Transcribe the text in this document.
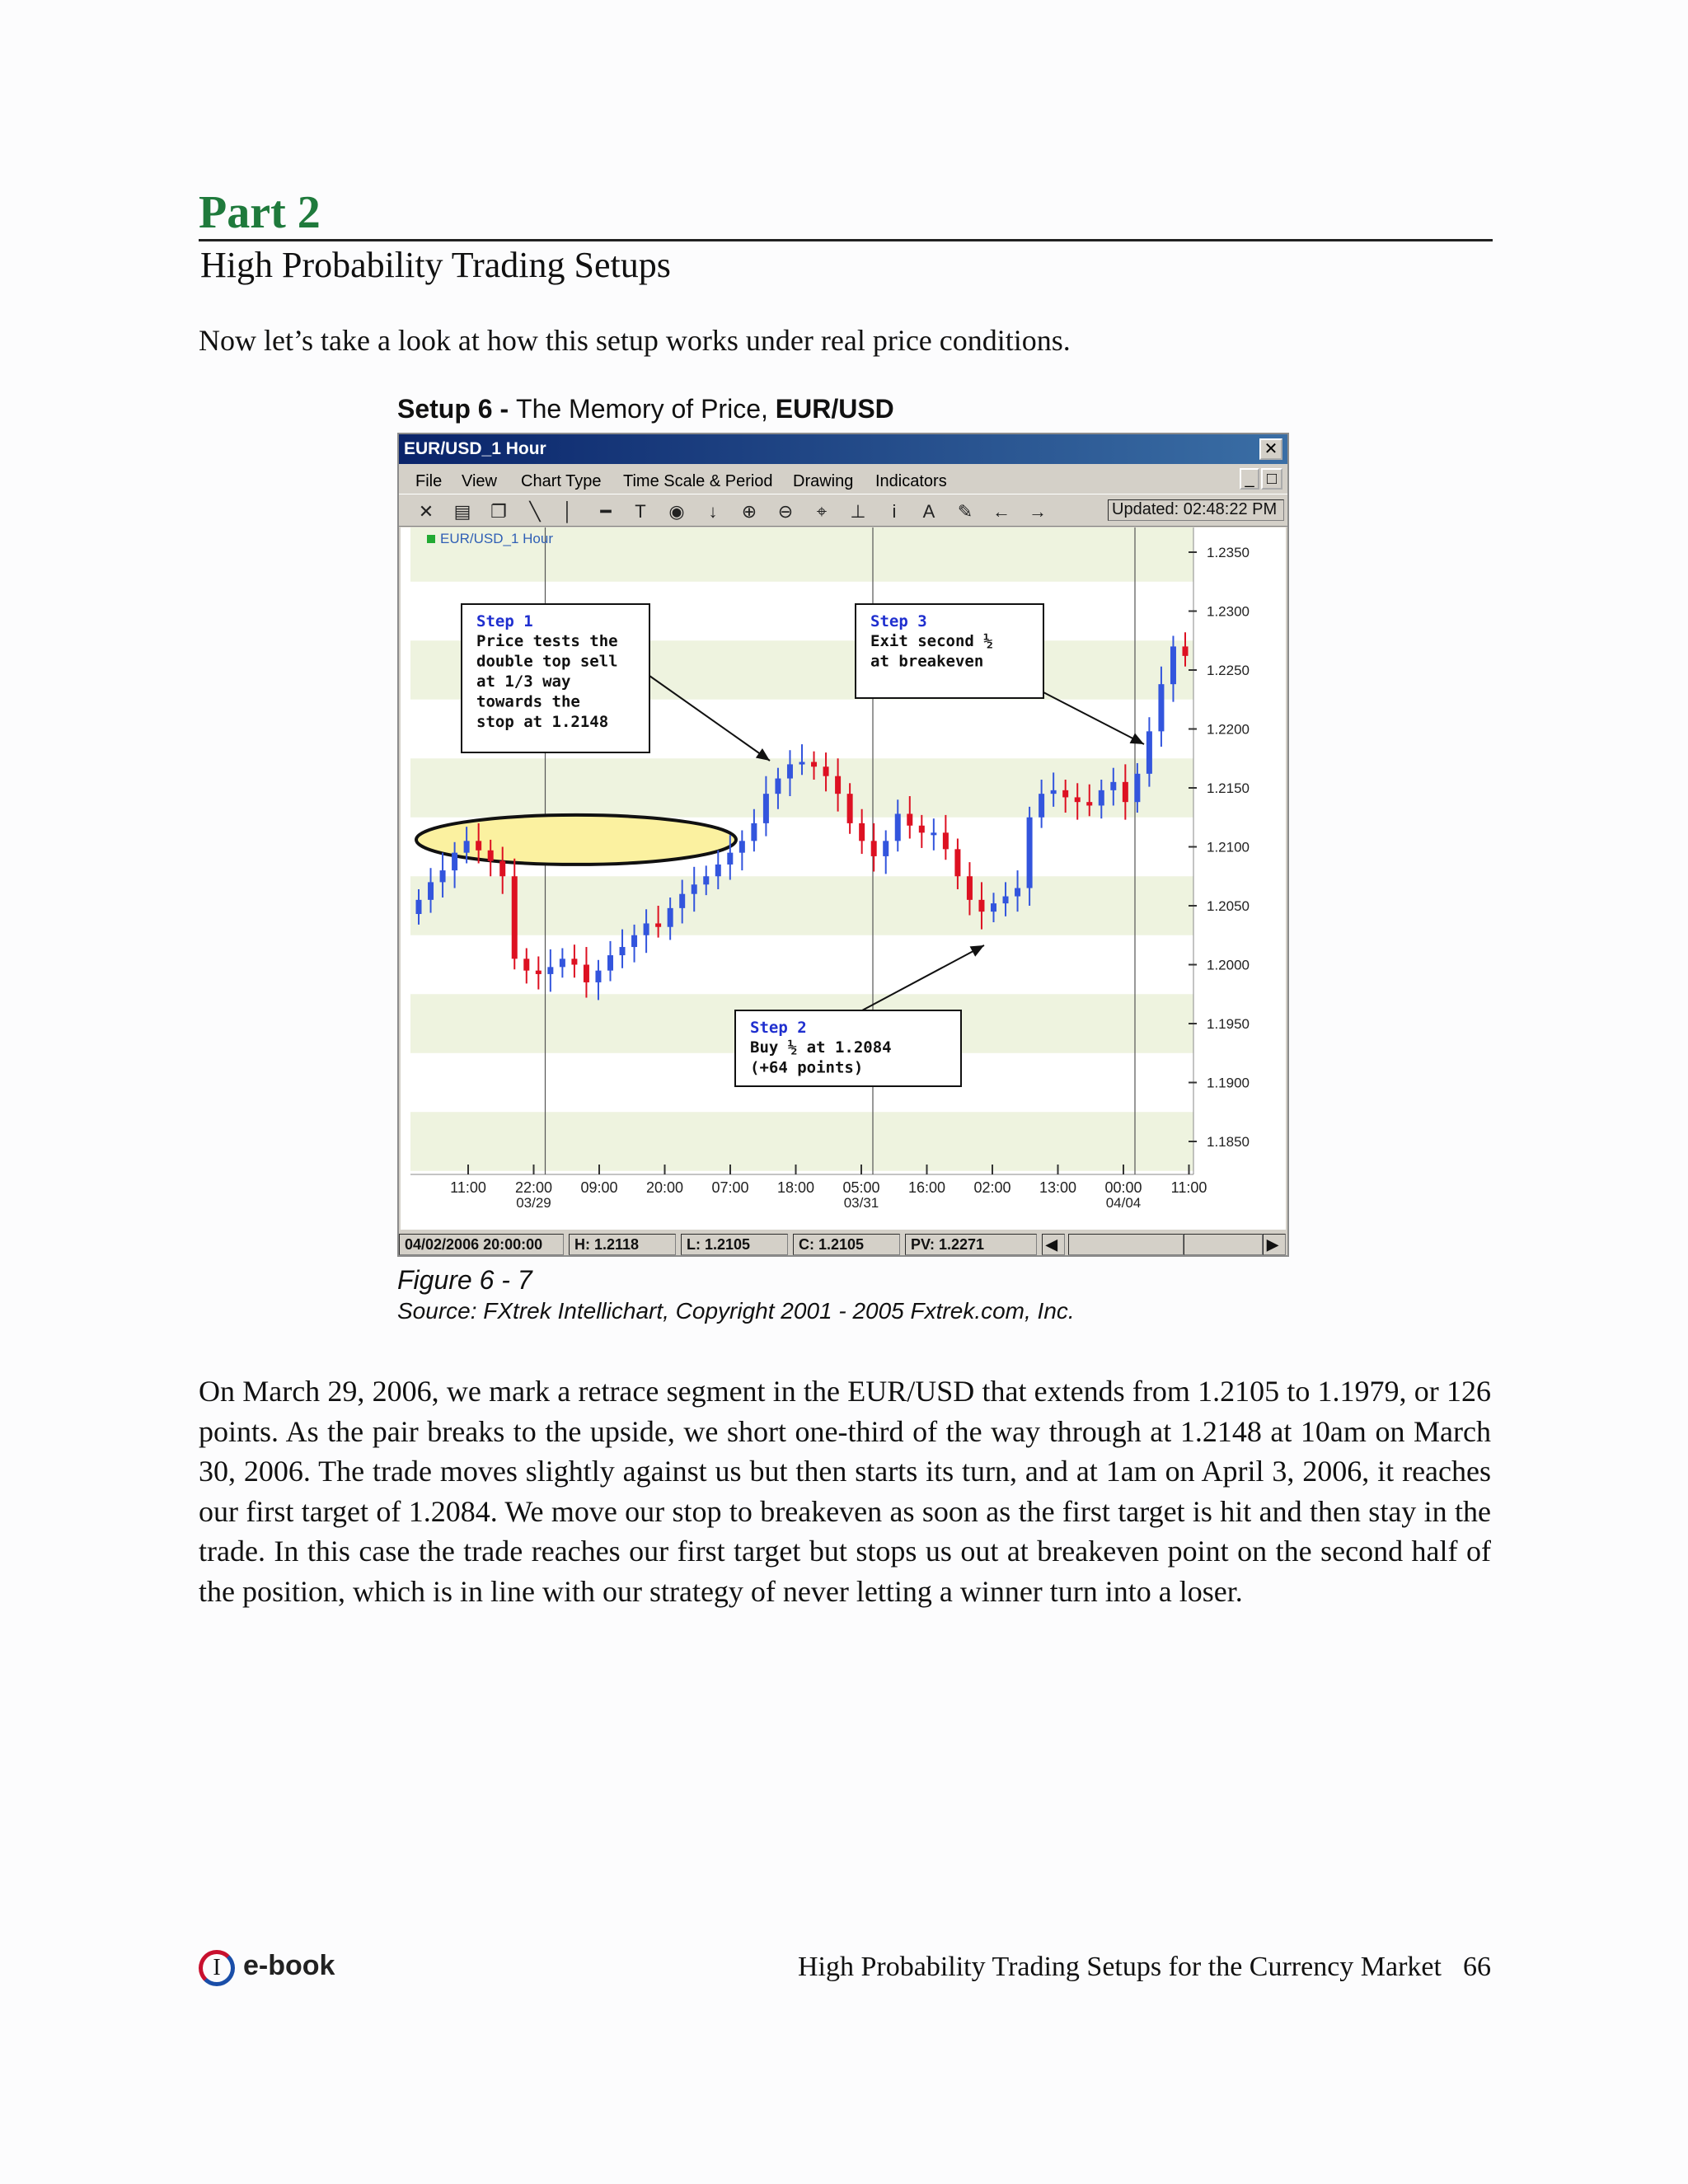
Part 2
High Probability Trading Setups
Now let’s take a look at how this setup works under real price conditions.
Setup 6 - The Memory of Price, EUR/USD
EUR/USD_1 Hour	✕
File View Chart Type Time Scale & Period Drawing Indicators	_ □
✕ ▤ ❐	╲	│	━	T	◉	↓	⊕ ⊖	⌖	⊥	i	A	✎ ← →	Updated: 02:48:22 PM
1.2350
1.2300
1.2250
1.2200
1.2150
1.2100
1.2050
1.2000
1.1950
1.1900
1.1850
11:00 22:00 09:00 20:00 07:00 18:00 05:00 16:00 02:00 13:00 00:00 11:00
03/29	03/31	04/04
EUR/USD_1 Hour
Step 1
Price tests the
double top sell
at 1/3 way
towards the
stop at 1.2148
Step 2
Buy ½ at 1.2084
(+64 points)
Step 3
Exit second ½
at breakeven
04/02/2006 20:00:00	H: 1.2118	L: 1.2105	C: 1.2105	PV: 1.2271	◀	▶
Figure 6 - 7
Source: FXtrek Intellichart, Copyright 2001 - 2005 Fxtrek.com, Inc.
On March 29, 2006, we mark a retrace segment in the EUR/USD that extends from 1.2105 to 1.1979, or 126 points. As the pair breaks to the upside, we short one-third of the way through at 1.2148 at 10am on March 30, 2006. The trade moves slightly against us but then starts its turn, and at 1am on April 3, 2006, it reaches our first target of 1.2084. We move our stop to breakeven as soon as the first target is hit and then stay in the trade. In this case the trade reaches our first target but stops us out at breakeven point on the second half of the position, which is in line with our strategy of never letting a winner turn into a loser.
I e-book	High Probability Trading Setups for the Currency Market 66
